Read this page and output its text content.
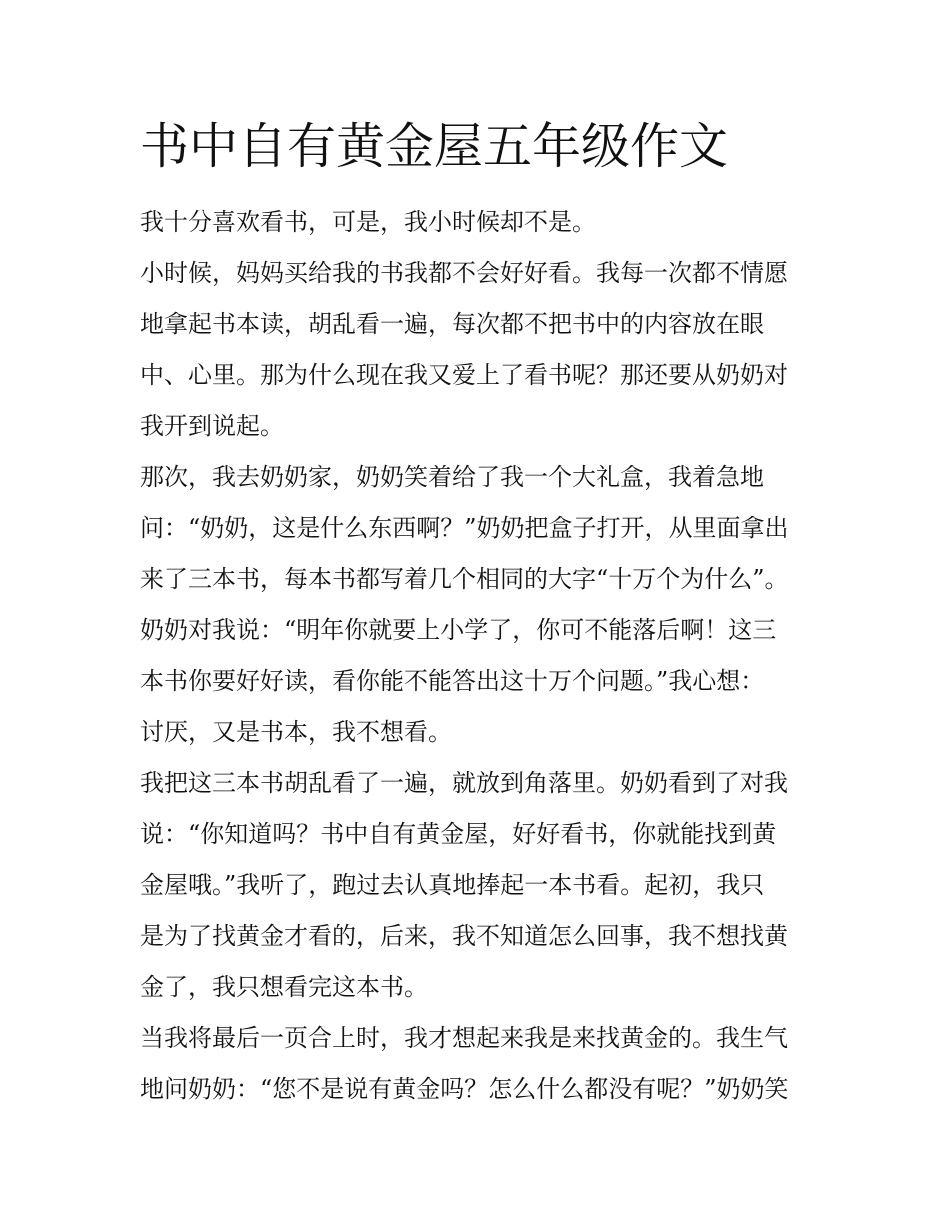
书中自有黄金屋五年级作文
我十分喜欢看书，可是，我小时候却不是。
小时候，妈妈买给我的书我都不会好好看。我每一次都不情愿
地拿起书本读，胡乱看一遍，每次都不把书中的内容放在眼
中、心里。那为什么现在我又爱上了看书呢？那还要从奶奶对
我开到说起。
那次，我去奶奶家，奶奶笑着给了我一个大礼盒，我着急地
问：“奶奶，这是什么东西啊？”奶奶把盒子打开，从里面拿出
来了三本书，每本书都写着几个相同的大字“十万个为什么”。
奶奶对我说：“明年你就要上小学了，你可不能落后啊！这三
本书你要好好读，看你能不能答出这十万个问题。”我心想：
讨厌，又是书本，我不想看。
我把这三本书胡乱看了一遍，就放到角落里。奶奶看到了对我
说：“你知道吗？书中自有黄金屋，好好看书，你就能找到黄
金屋哦。”我听了，跑过去认真地捧起一本书看。起初，我只
是为了找黄金才看的，后来，我不知道怎么回事，我不想找黄
金了，我只想看完这本书。
当我将最后一页合上时，我才想起来我是来找黄金的。我生气
地问奶奶：“您不是说有黄金吗？怎么什么都没有呢？”奶奶笑
